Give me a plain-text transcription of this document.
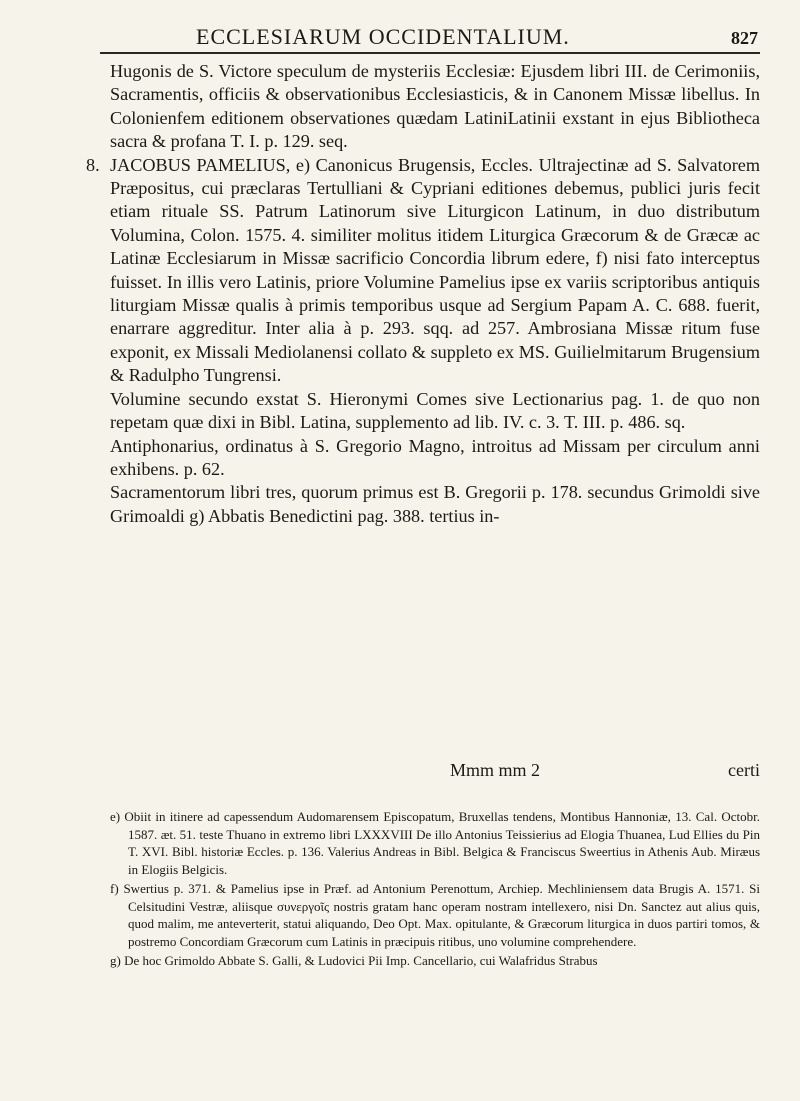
ECCLESIARUM OCCIDENTALIUM.	827

Hugonis de S. Victore speculum de mysteriis Ecclesiæ: Ejusdem libri III. de Cerimoniis, Sacramentis, officiis & observationibus Ecclesiasticis, & in Canonem Missæ libellus. In Colonienfem editionem observationes quædam LatiniLatinii exstant in ejus Bibliotheca sacra & profana T. I. p. 129. seq.

8. JACOBUS PAMELIUS, e) Canonicus Brugensis, Eccles. Ultrajectinæ ad S. Salvatorem Præpositus, cui præclaras Tertulliani & Cypriani editiones debemus, publici juris fecit etiam rituale SS. Patrum Latinorum sive Liturgicon Latinum, in duo distributum Volumina, Colon. 1575. 4. similiter molitus itidem Liturgica Græcorum & de Græcæ ac Latinæ Ecclesiarum in Missæ sacrificio Concordia librum edere, f) nisi fato interceptus fuisset. In illis vero Latinis, priore Volumine Pamelius ipse ex variis scriptoribus antiquis liturgiam Missæ qualis à primis temporibus usque ad Sergium Papam A. C. 688. fuerit, enarrare aggreditur. Inter alia à p. 293. sqq. ad 257. Ambrosiana Missæ ritum fuse exponit, ex Missali Mediolanensi collato & suppleto ex MS. Guilielmitarum Brugensium & Radulpho Tungrensi.

Volumine secundo exstat S. Hieronymi Comes sive Lectionarius pag. 1. de quo non repetam quæ dixi in Bibl. Latina, supplemento ad lib. IV. c. 3. T. III. p. 486. sq.

Antiphonarius, ordinatus à S. Gregorio Magno, introitus ad Missam per circulum anni exhibens. p. 62.

Sacramentorum libri tres, quorum primus est B. Gregorii p. 178. secundus Grimoldi sive Grimoaldi g) Abbatis Benedictini pag. 388. tertius in-

Mmm mm 2	certi

e) Obiit in itinere ad capessendum Audomarensem Episcopatum, Bruxellas tendens, Montibus Hannoniæ, 13. Cal. Octobr. 1587. æt. 51. teste Thuano in extremo libri LXXXVIII De illo Antonius Teissierius ad Elogia Thuanea, Lud Ellies du Pin T. XVI. Bibl. historiæ Eccles. p. 136. Valerius Andreas in Bibl. Belgica & Franciscus Sweertius in Athenis Aub. Miræus in Elogiis Belgicis.

f) Swertius p. 371. & Pamelius ipse in Præf. ad Antonium Perenottum, Archiep. Mechliniensem data Brugis A. 1571. Si Celsitudini Vestræ, aliisque συνεργοῖς nostris gratam hanc operam nostram intellexero, nisi Dn. Sanctez aut alius quis, quod malim, me anteverterit, statui aliquando, Deo Opt. Max. opitulante, & Græcorum liturgica in duos partiri tomos, & postremo Concordiam Græcorum cum Latinis in præcipuis ritibus, uno volumine comprehendere.

g) De hoc Grimoldo Abbate S. Galli, & Ludovici Pii Imp. Cancellario, cui Walafridus Strabus
